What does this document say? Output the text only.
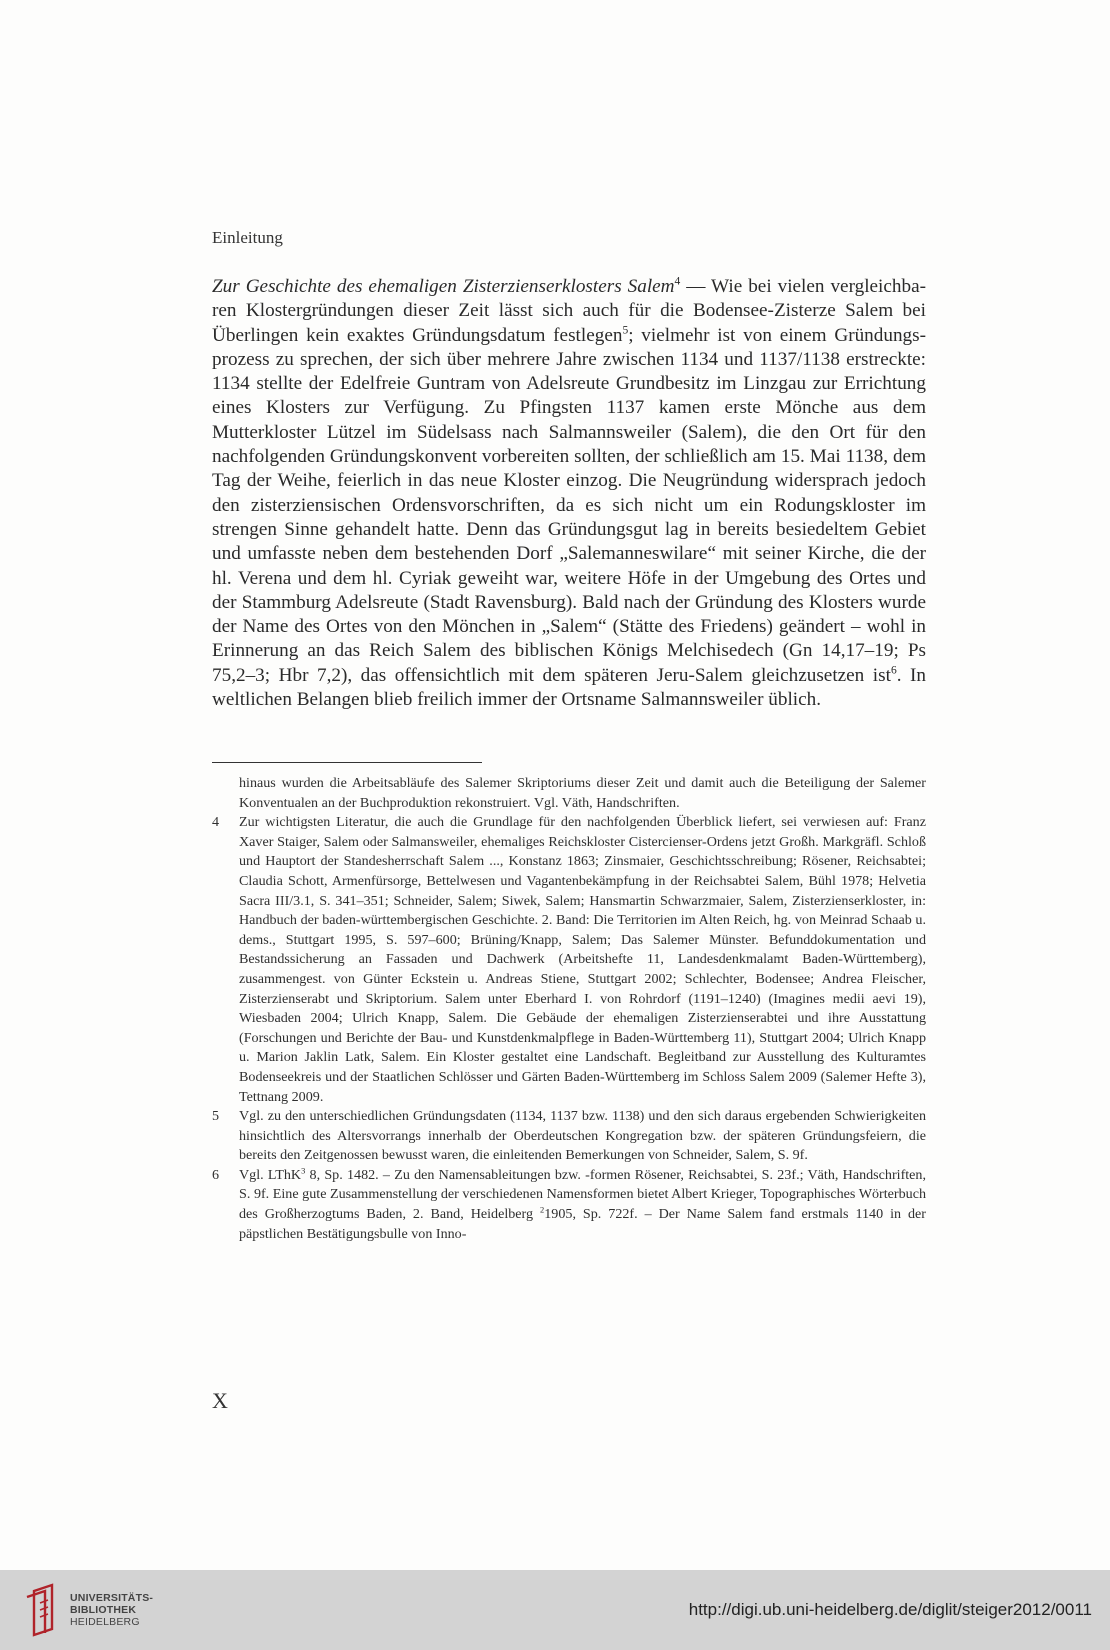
Einleitung
Zur Geschichte des ehemaligen Zisterzienserklosters Salem$^4$ — Wie bei vielen vergleichbaren Klostergründungen dieser Zeit lässt sich auch für die Bodensee-Zisterze Salem bei Überlingen kein exaktes Gründungsdatum festlegen$^5$; vielmehr ist von einem Gründungsprozess zu sprechen, der sich über mehrere Jahre zwischen 1134 und 1137/1138 erstreckte: 1134 stellte der Edelfreie Guntram von Adelsreute Grundbesitz im Linzgau zur Errichtung eines Klosters zur Verfügung. Zu Pfingsten 1137 kamen erste Mönche aus dem Mutterkloster Lützel im Südelsass nach Salmannsweiler (Salem), die den Ort für den nachfolgenden Gründungskonvent vorbereiten sollten, der schließlich am 15. Mai 1138, dem Tag der Weihe, feierlich in das neue Kloster einzog. Die Neugründung widersprach jedoch den zisterziensischen Ordensvorschriften, da es sich nicht um ein Rodungskloster im strengen Sinne gehandelt hatte. Denn das Gründungsgut lag in bereits besiedeltem Gebiet und umfasste neben dem bestehenden Dorf „Salemanneswilare“ mit seiner Kirche, die der hl. Verena und dem hl. Cyriak geweiht war, weitere Höfe in der Umgebung des Ortes und der Stammburg Adelsreute (Stadt Ravensburg). Bald nach der Gründung des Klosters wurde der Name des Ortes von den Mönchen in „Salem“ (Stätte des Friedens) geändert – wohl in Erinnerung an das Reich Salem des biblischen Königs Melchisedech (Gn 14,17–19; Ps 75,2–3; Hbr 7,2), das offensichtlich mit dem späteren Jeru-Salem gleichzusetzen ist$^6$. In weltlichen Belangen blieb freilich immer der Ortsname Salmannsweiler üblich.
hinaus wurden die Arbeitsabläufe des Salemer Skriptoriums dieser Zeit und damit auch die Beteiligung der Salemer Konventualen an der Buchproduktion rekonstruiert. Vgl. Väth, Handschriften.
4 Zur wichtigsten Literatur, die auch die Grundlage für den nachfolgenden Überblick liefert, sei verwiesen auf: Franz Xaver Staiger, Salem oder Salmansweiler, ehemaliges Reichskloster Cistercienser-Ordens jetzt Großh. Markgräfl. Schloß und Hauptort der Standesherrschaft Salem ..., Konstanz 1863; Zinsmaier, Geschichtsschreibung; Rösener, Reichsabtei; Claudia Schott, Armenfürsorge, Bettelwesen und Vagantenbekämpfung in der Reichsabtei Salem, Bühl 1978; Helvetia Sacra III/3.1, S. 341–351; Schneider, Salem; Siwek, Salem; Hansmartin Schwarzmaier, Salem, Zisterzienserkloster, in: Handbuch der baden-württembergischen Geschichte. 2. Band: Die Territorien im Alten Reich, hg. von Meinrad Schaab u. dems., Stuttgart 1995, S. 597–600; Brüning/Knapp, Salem; Das Salemer Münster. Befunddokumentation und Bestandssicherung an Fassaden und Dachwerk (Arbeitshefte 11, Landesdenkmalamt Baden-Württemberg), zusammengest. von Günter Eckstein u. Andreas Stiene, Stuttgart 2002; Schlechter, Bodensee; Andrea Fleischer, Zisterzienserabt und Skriptorium. Salem unter Eberhard I. von Rohrdorf (1191–1240) (Imagines medii aevi 19), Wiesbaden 2004; Ulrich Knapp, Salem. Die Gebäude der ehemaligen Zisterzienserabtei und ihre Ausstattung (Forschungen und Berichte der Bau- und Kunstdenkmalpflege in Baden-Württemberg 11), Stuttgart 2004; Ulrich Knapp u. Marion Jaklin Latk, Salem. Ein Kloster gestaltet eine Landschaft. Begleitband zur Ausstellung des Kulturamtes Bodenseekreis und der Staatlichen Schlösser und Gärten Baden-Württemberg im Schloss Salem 2009 (Salemer Hefte 3), Tettnang 2009.
5 Vgl. zu den unterschiedlichen Gründungsdaten (1134, 1137 bzw. 1138) und den sich daraus ergebenden Schwierigkeiten hinsichtlich des Altersvorrangs innerhalb der Oberdeutschen Kongregation bzw. der späteren Gründungsfeiern, die bereits den Zeitgenossen bewusst waren, die einleitenden Bemerkungen von Schneider, Salem, S. 9f.
6 Vgl. LThK$^3$ 8, Sp. 1482. – Zu den Namensableitungen bzw. -formen Rösener, Reichsabtei, S. 23f.; Väth, Handschriften, S. 9f. Eine gute Zusammenstellung der verschiedenen Namensformen bietet Albert Krieger, Topographisches Wörterbuch des Großherzogtums Baden, 2. Band, Heidelberg $^2$1905, Sp. 722f. – Der Name Salem fand erstmals 1140 in der päpstlichen Bestätigungsbulle von Inno-
X
UNIVERSITÄTS-
BIBLIOTHEK
HEIDELBERG
http://digi.ub.uni-heidelberg.de/diglit/steiger2012/0011
